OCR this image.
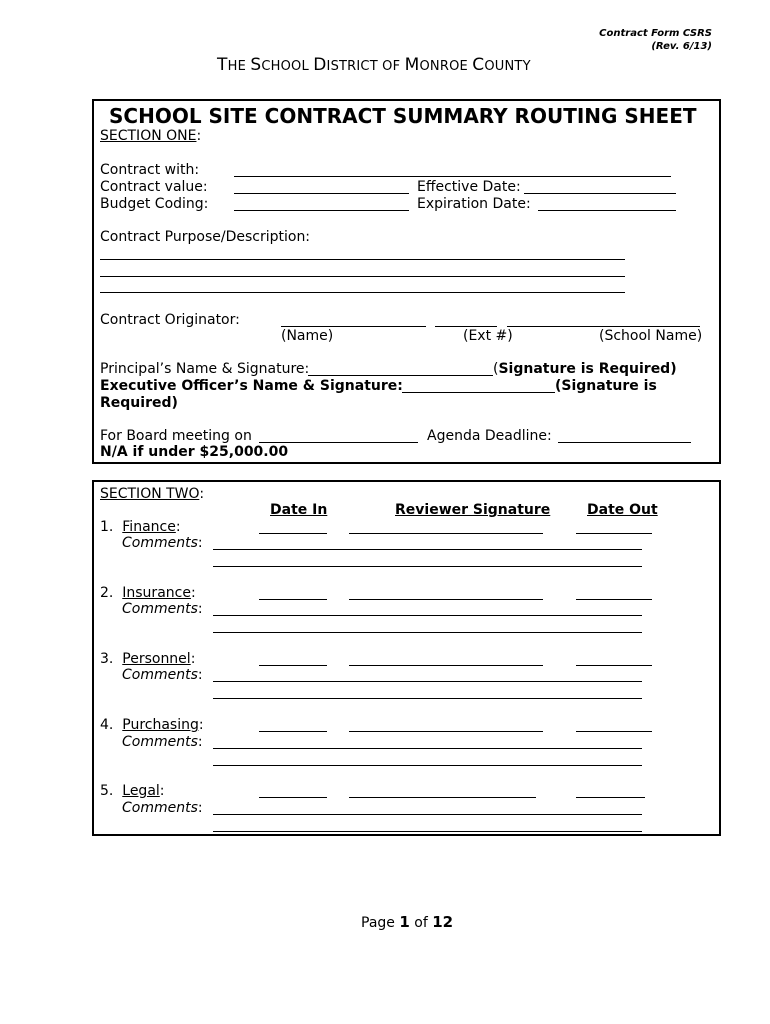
Contract Form CSRS
(Rev. 6/13)
THE SCHOOL DISTRICT OF MONROE COUNTY
SCHOOL SITE CONTRACT SUMMARY ROUTING SHEET
SECTION ONE:
Contract with:
Contract value:	Effective Date:
Budget Coding:	Expiration Date:
Contract Purpose/Description:
Contract Originator:
(Name)	(Ext #)	(School Name)
Principal’s Name & Signature:	(Signature is Required)
Executive Officer’s Name & Signature:	(Signature is
Required)
For Board meeting on	Agenda Deadline:
N/A if under $25,000.00
SECTION TWO:
Date In	Reviewer Signature	Date Out
1. Finance:
Comments:
2. Insurance:
Comments:
3. Personnel:
Comments:
4. Purchasing:
Comments:
5. Legal:
Comments:
Page 1 of 12
